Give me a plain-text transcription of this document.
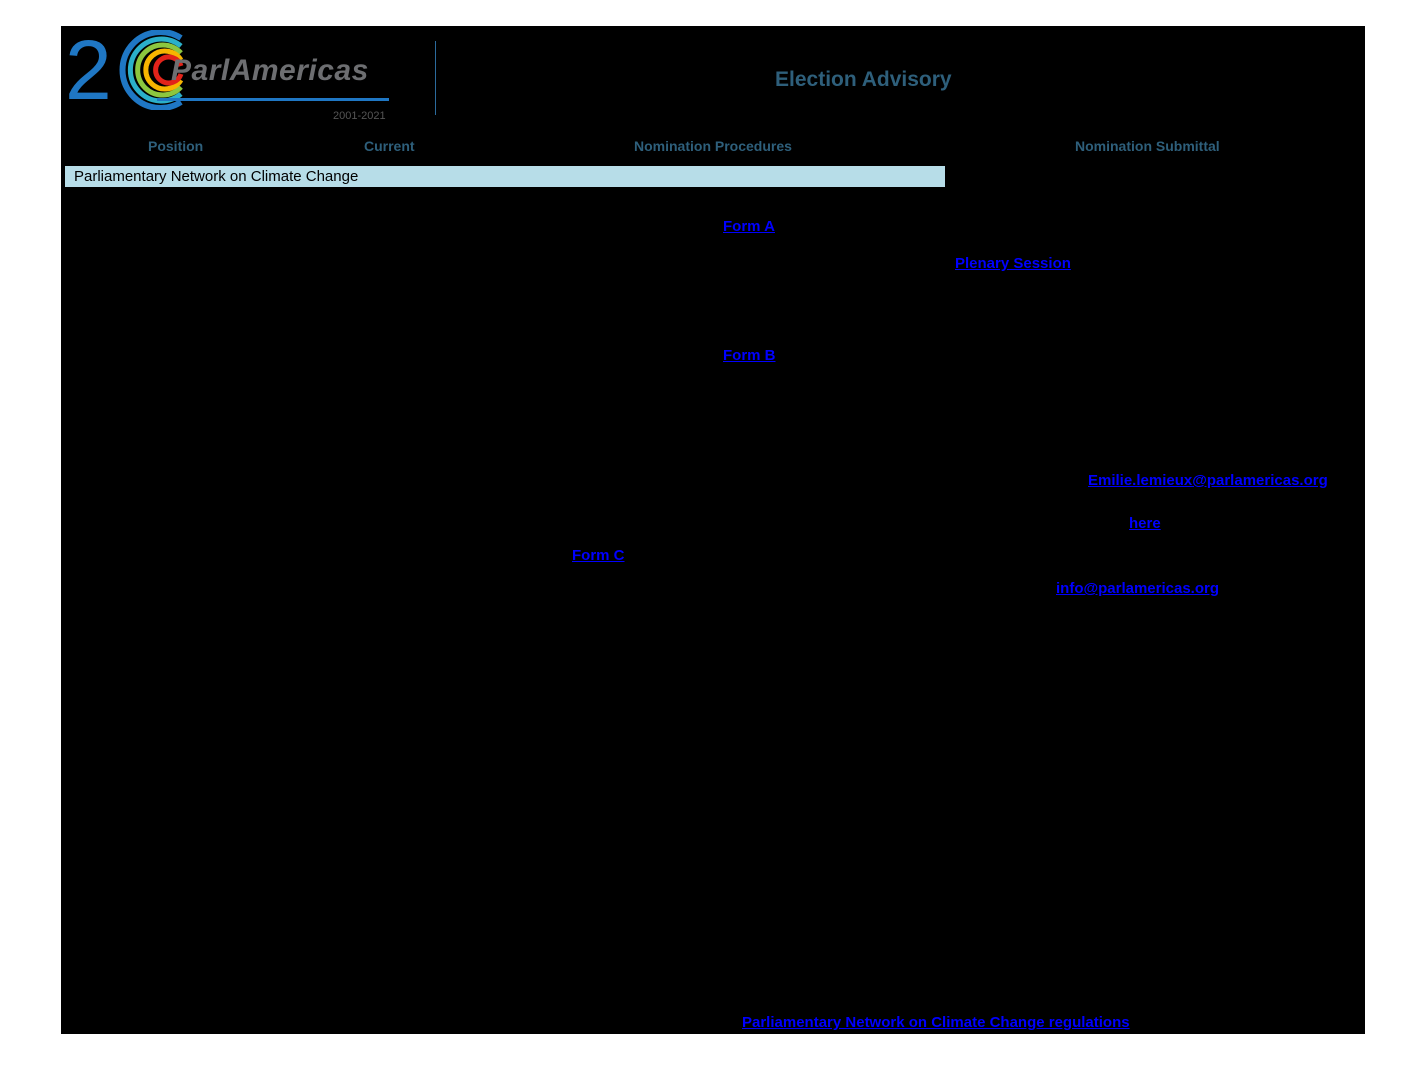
2 ParlAmericas
2001-2021
Election Advisory
Position	Current	Nomination Procedures	Nomination Submittal
Parliamentary Network on Climate Change
Form A
Plenary Session
Form B
Emilie.lemieux@parlamericas.org
here
Form C
info@parlamericas.org
Parliamentary Network on Climate Change regulations
